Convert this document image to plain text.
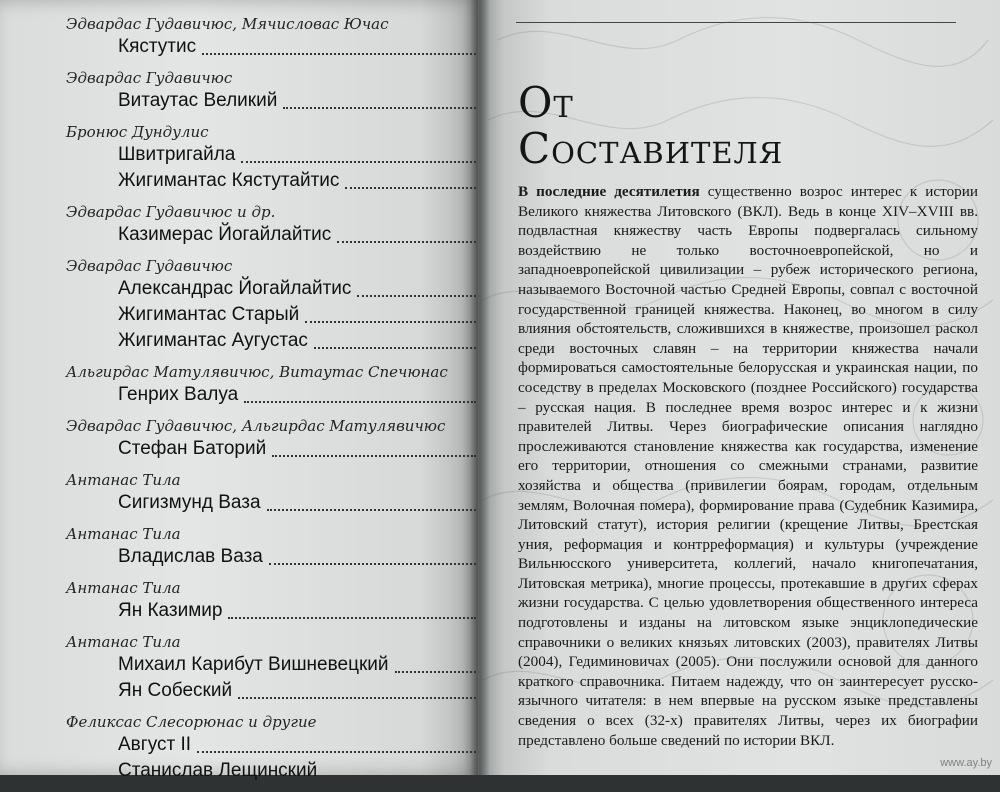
Эдвардас Гудавичюс, Мячисловас Ючас
Кястутис
Эдвардас Гудавичюс
Витаутас Великий
Бронюс Дундулис
Швитригайла
Жигимантас Кястутайтис
Эдвардас Гудавичюс и др.
Казимерас Йогайлайтис
Эдвардас Гудавичюс
Александрас Йогайлайтис
Жигимантас Старый
Жигимантас Аугустас
Альгирдас Матулявичюс, Витаутас Спечюнас
Генрих Валуа
Эдвардас Гудавичюс, Альгирдас Матулявичюс
Стефан Баторий
Антанас Тила
Сигизмунд Ваза
Антанас Тила
Владислав Ваза
Антанас Тила
Ян Казимир
Антанас Тила
Михаил Карибут Вишневецкий
Ян Собеский
Феликсас Слесорюнас и другие
Август II
Станислав Лещинский
От
Составителя
В последние десятилетия существенно возрос интерес к истории Великого княжества Литовского (ВКЛ). Ведь в конце XIV–XVIII вв. подвластная княжеству часть Европы подвергалась сильному воздействию не только восточноевропейской, но и западноевропейской цивилизации – рубеж исторического региона, называемого Восточной частью Средней Европы, совпал с восточной государственной границей княжества. Наконец, во многом в силу влияния обстоятельств, сложившихся в княжестве, произошел раскол среди восточных славян – на территории княжества начали формироваться самостоятельные белорусская и украинская нации, по соседству в пределах Московского (позднее Российского) государства – русская нация. В последнее время возрос интерес и к жизни правителей Литвы. Через биографические описания наглядно прослеживаются становление княжества как государства, изменение его территории, отношения со смежными странами, развитие хозяйства и общества (привилегии боярам, городам, отдельным землям, Волочная помера), формирование права (Судебник Казимира, Литовский статут), история религии (крещение Литвы, Брестская уния, реформация и контрреформация) и культуры (учреждение Вильнюсского университета, коллегий, начало книгопечатания, Литовская метрика), многие процессы, протекавшие в других сферах жизни государства. С целью удовлетворения общественного интереса подготовлены и изданы на литовском языке энциклопедические справочники о великих князьях литовских (2003), правителях Литвы (2004), Гедиминовичах (2005). Они послужили основой для данного краткого справочника. Питаем надежду, что он заинтересует русско-язычного читателя: в нем впервые на русском языке представлены сведения о всех (32-х) правителях Литвы, через их биографии представлено больше сведений по истории ВКЛ.
www.ay.by
